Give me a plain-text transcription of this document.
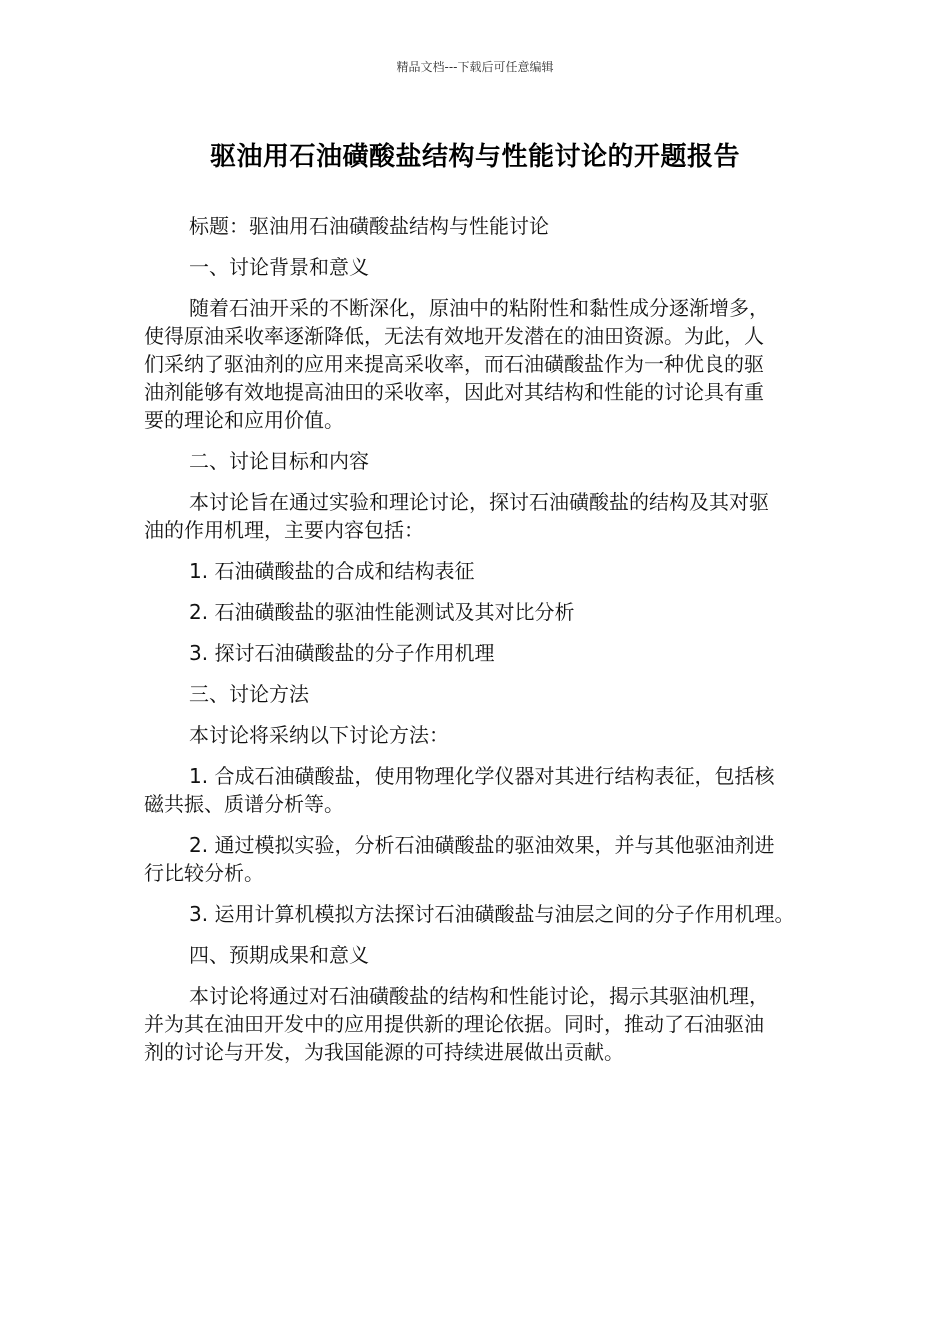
精品文档---下载后可任意编辑
驱油用石油磺酸盐结构与性能讨论的开题报告
标题：驱油用石油磺酸盐结构与性能讨论
一、讨论背景和意义
随着石油开采的不断深化，原油中的粘附性和黏性成分逐渐增多，
使得原油采收率逐渐降低，无法有效地开发潜在的油田资源。为此，人
们采纳了驱油剂的应用来提高采收率，而石油磺酸盐作为一种优良的驱
油剂能够有效地提高油田的采收率，因此对其结构和性能的讨论具有重
要的理论和应用价值。
二、讨论目标和内容
本讨论旨在通过实验和理论讨论，探讨石油磺酸盐的结构及其对驱
油的作用机理，主要内容包括：
1. 石油磺酸盐的合成和结构表征
2. 石油磺酸盐的驱油性能测试及其对比分析
3. 探讨石油磺酸盐的分子作用机理
三、讨论方法
本讨论将采纳以下讨论方法：
1. 合成石油磺酸盐，使用物理化学仪器对其进行结构表征，包括核
磁共振、质谱分析等。
2. 通过模拟实验，分析石油磺酸盐的驱油效果，并与其他驱油剂进
行比较分析。
3. 运用计算机模拟方法探讨石油磺酸盐与油层之间的分子作用机理。
四、预期成果和意义
本讨论将通过对石油磺酸盐的结构和性能讨论，揭示其驱油机理，
并为其在油田开发中的应用提供新的理论依据。同时，推动了石油驱油
剂的讨论与开发，为我国能源的可持续进展做出贡献。
